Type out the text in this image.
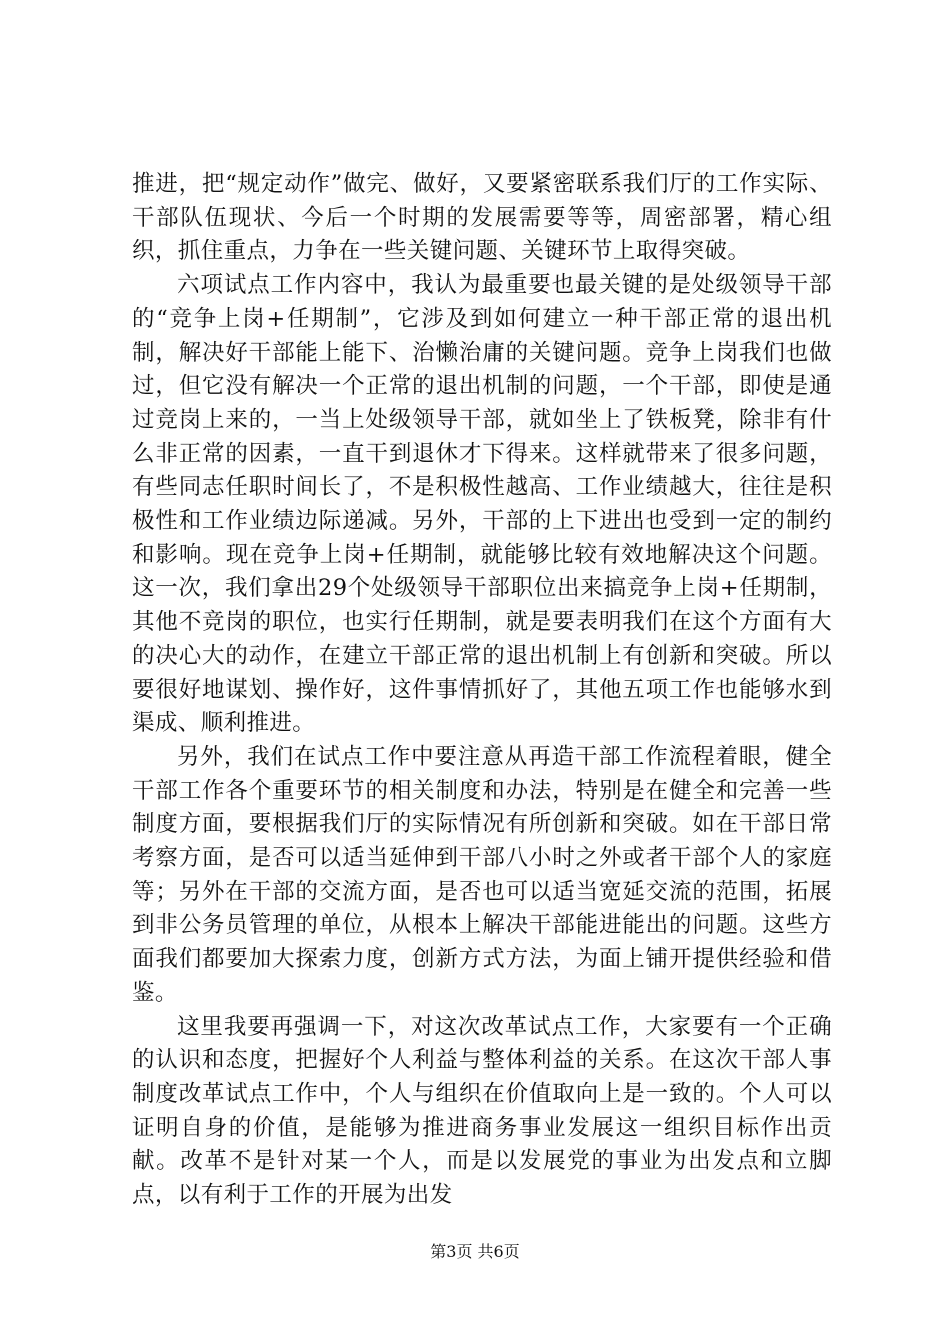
推进，把“规定动作”做完、做好，又要紧密联系我们厅的工作实际、干部队伍现状、今后一个时期的发展需要等等，周密部署，精心组织，抓住重点，力争在一些关键问题、关键环节上取得突破。

六项试点工作内容中，我认为最重要也最关键的是处级领导干部的“竞争上岗+任期制”，它涉及到如何建立一种干部正常的退出机制，解决好干部能上能下、治懒治庸的关键问题。竞争上岗我们也做过，但它没有解决一个正常的退出机制的问题，一个干部，即使是通过竞岗上来的，一当上处级领导干部，就如坐上了铁板凳，除非有什么非正常的因素，一直干到退休才下得来。这样就带来了很多问题，有些同志任职时间长了，不是积极性越高、工作业绩越大，往往是积极性和工作业绩边际递减。另外，干部的上下进出也受到一定的制约和影响。现在竞争上岗+任期制，就能够比较有效地解决这个问题。这一次，我们拿出29个处级领导干部职位出来搞竞争上岗+任期制，其他不竞岗的职位，也实行任期制，就是要表明我们在这个方面有大的决心大的动作，在建立干部正常的退出机制上有创新和突破。所以要很好地谋划、操作好，这件事情抓好了，其他五项工作也能够水到渠成、顺利推进。

另外，我们在试点工作中要注意从再造干部工作流程着眼，健全干部工作各个重要环节的相关制度和办法，特别是在健全和完善一些制度方面，要根据我们厅的实际情况有所创新和突破。如在干部日常考察方面，是否可以适当延伸到干部八小时之外或者干部个人的家庭等；另外在干部的交流方面，是否也可以适当宽延交流的范围，拓展到非公务员管理的单位，从根本上解决干部能进能出的问题。这些方面我们都要加大探索力度，创新方式方法，为面上铺开提供经验和借鉴。

这里我要再强调一下，对这次改革试点工作，大家要有一个正确的认识和态度，把握好个人利益与整体利益的关系。在这次干部人事制度改革试点工作中，个人与组织在价值取向上是一致的。个人可以证明自身的价值，是能够为推进商务事业发展这一组织目标作出贡献。改革不是针对某一个人，而是以发展党的事业为出发点和立脚点，以有利于工作的开展为出发

第3页 共6页
